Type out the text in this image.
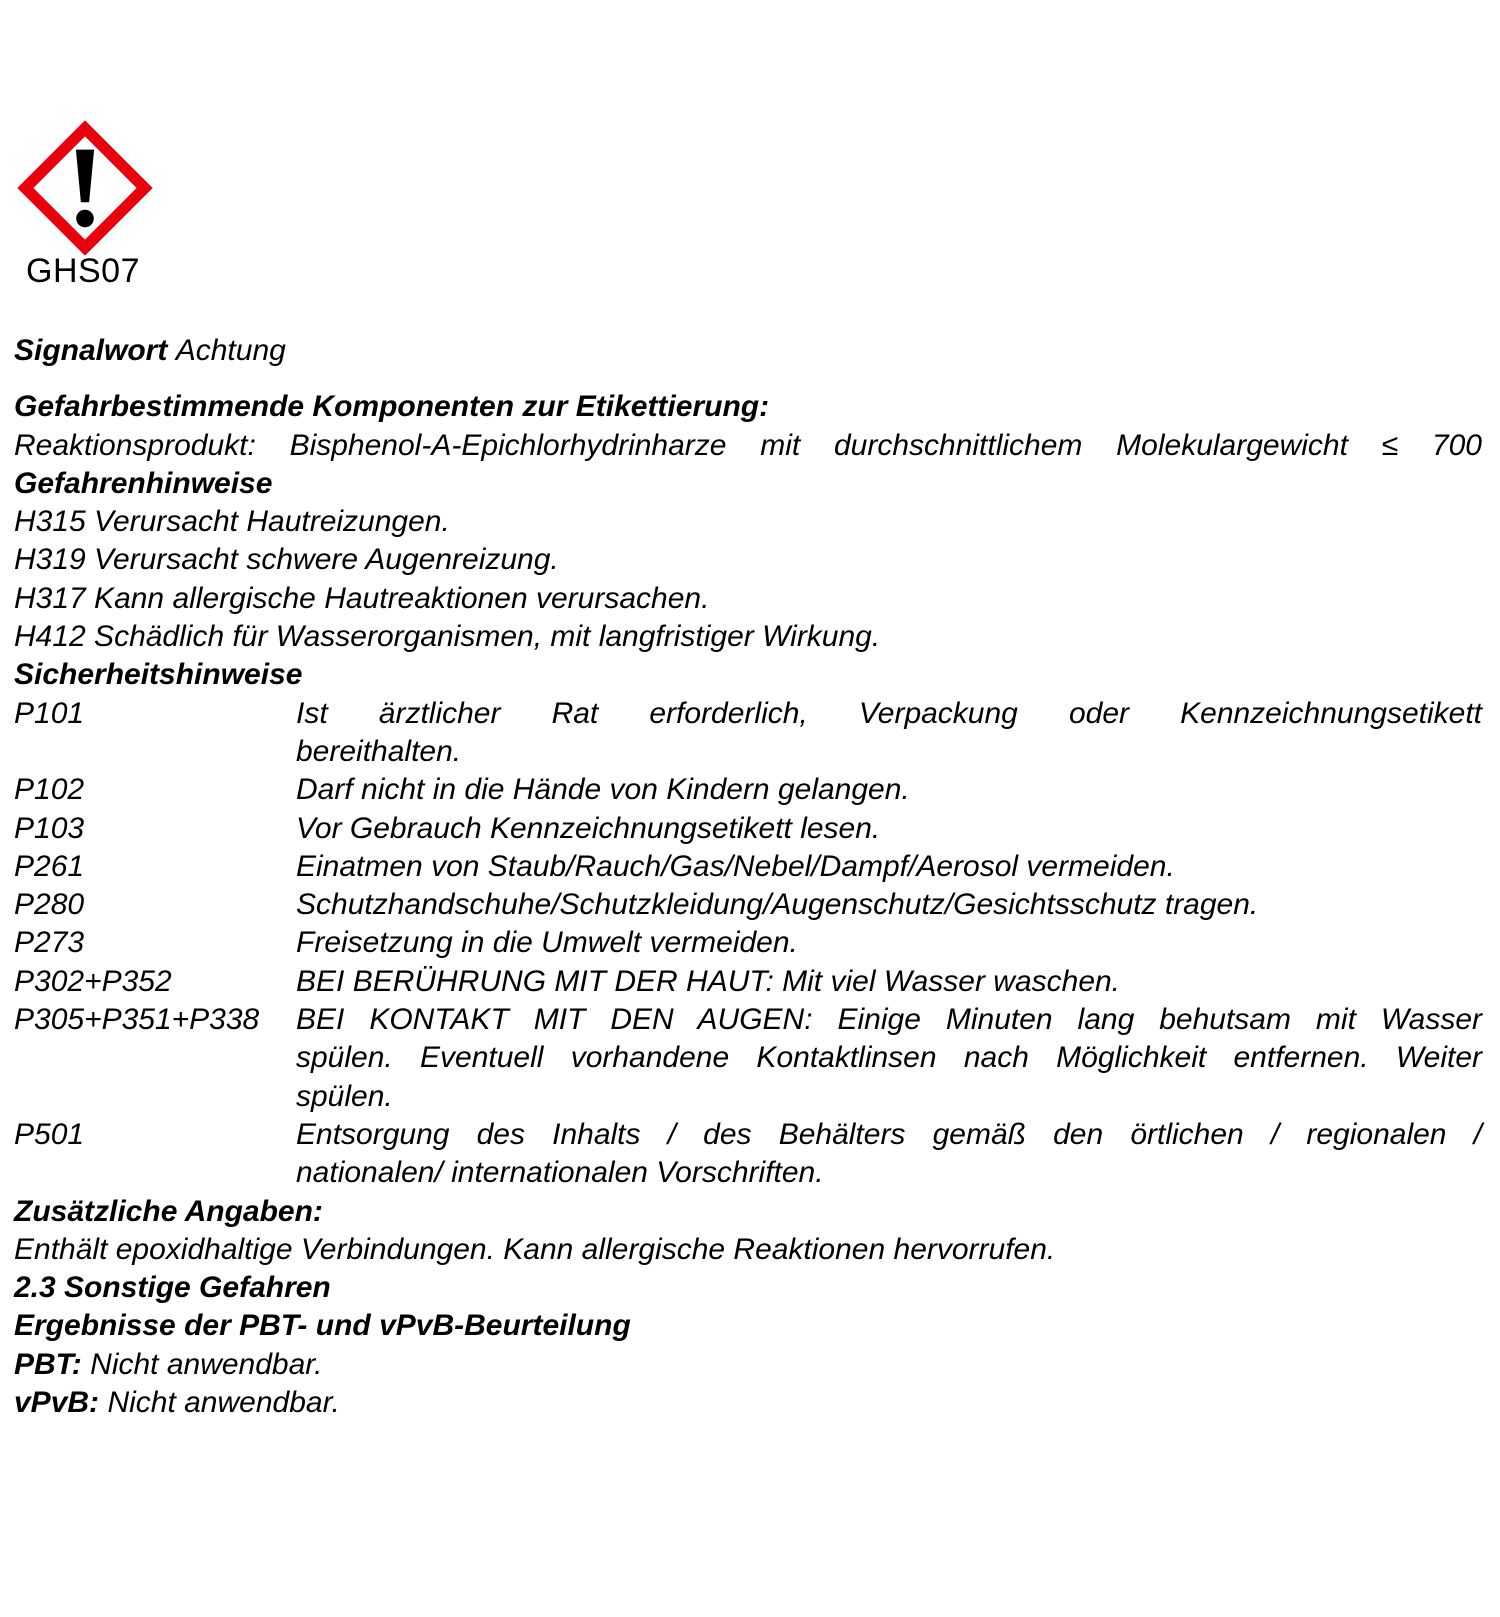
GHS07
Signalwort Achtung
Gefahrbestimmende Komponenten zur Etikettierung:
Reaktionsprodukt: Bisphenol-A-Epichlorhydrinharze mit durchschnittlichem Molekulargewicht ≤ 700
Gefahrenhinweise
H315 Verursacht Hautreizungen.
H319 Verursacht schwere Augenreizung.
H317 Kann allergische Hautreaktionen verursachen.
H412 Schädlich für Wasserorganismen, mit langfristiger Wirkung.
Sicherheitshinweise
P101	Ist ärztlicher Rat erforderlich, Verpackung oder Kennzeichnungsetikett
bereithalten.
P102	Darf nicht in die Hände von Kindern gelangen.
P103	Vor Gebrauch Kennzeichnungsetikett lesen.
P261	Einatmen von Staub/Rauch/Gas/Nebel/Dampf/Aerosol vermeiden.
P280	Schutzhandschuhe/Schutzkleidung/Augenschutz/Gesichtsschutz tragen.
P273	Freisetzung in die Umwelt vermeiden.
P302+P352	BEI BERÜHRUNG MIT DER HAUT: Mit viel Wasser waschen.
P305+P351+P338	BEI KONTAKT MIT DEN AUGEN: Einige Minuten lang behutsam mit Wasser
spülen. Eventuell vorhandene Kontaktlinsen nach Möglichkeit entfernen. Weiter
spülen.
P501	Entsorgung des Inhalts / des Behälters gemäß den örtlichen / regionalen /
nationalen/ internationalen Vorschriften.
Zusätzliche Angaben:
Enthält epoxidhaltige Verbindungen. Kann allergische Reaktionen hervorrufen.
2.3 Sonstige Gefahren
Ergebnisse der PBT- und vPvB-Beurteilung
PBT: Nicht anwendbar.
vPvB: Nicht anwendbar.
